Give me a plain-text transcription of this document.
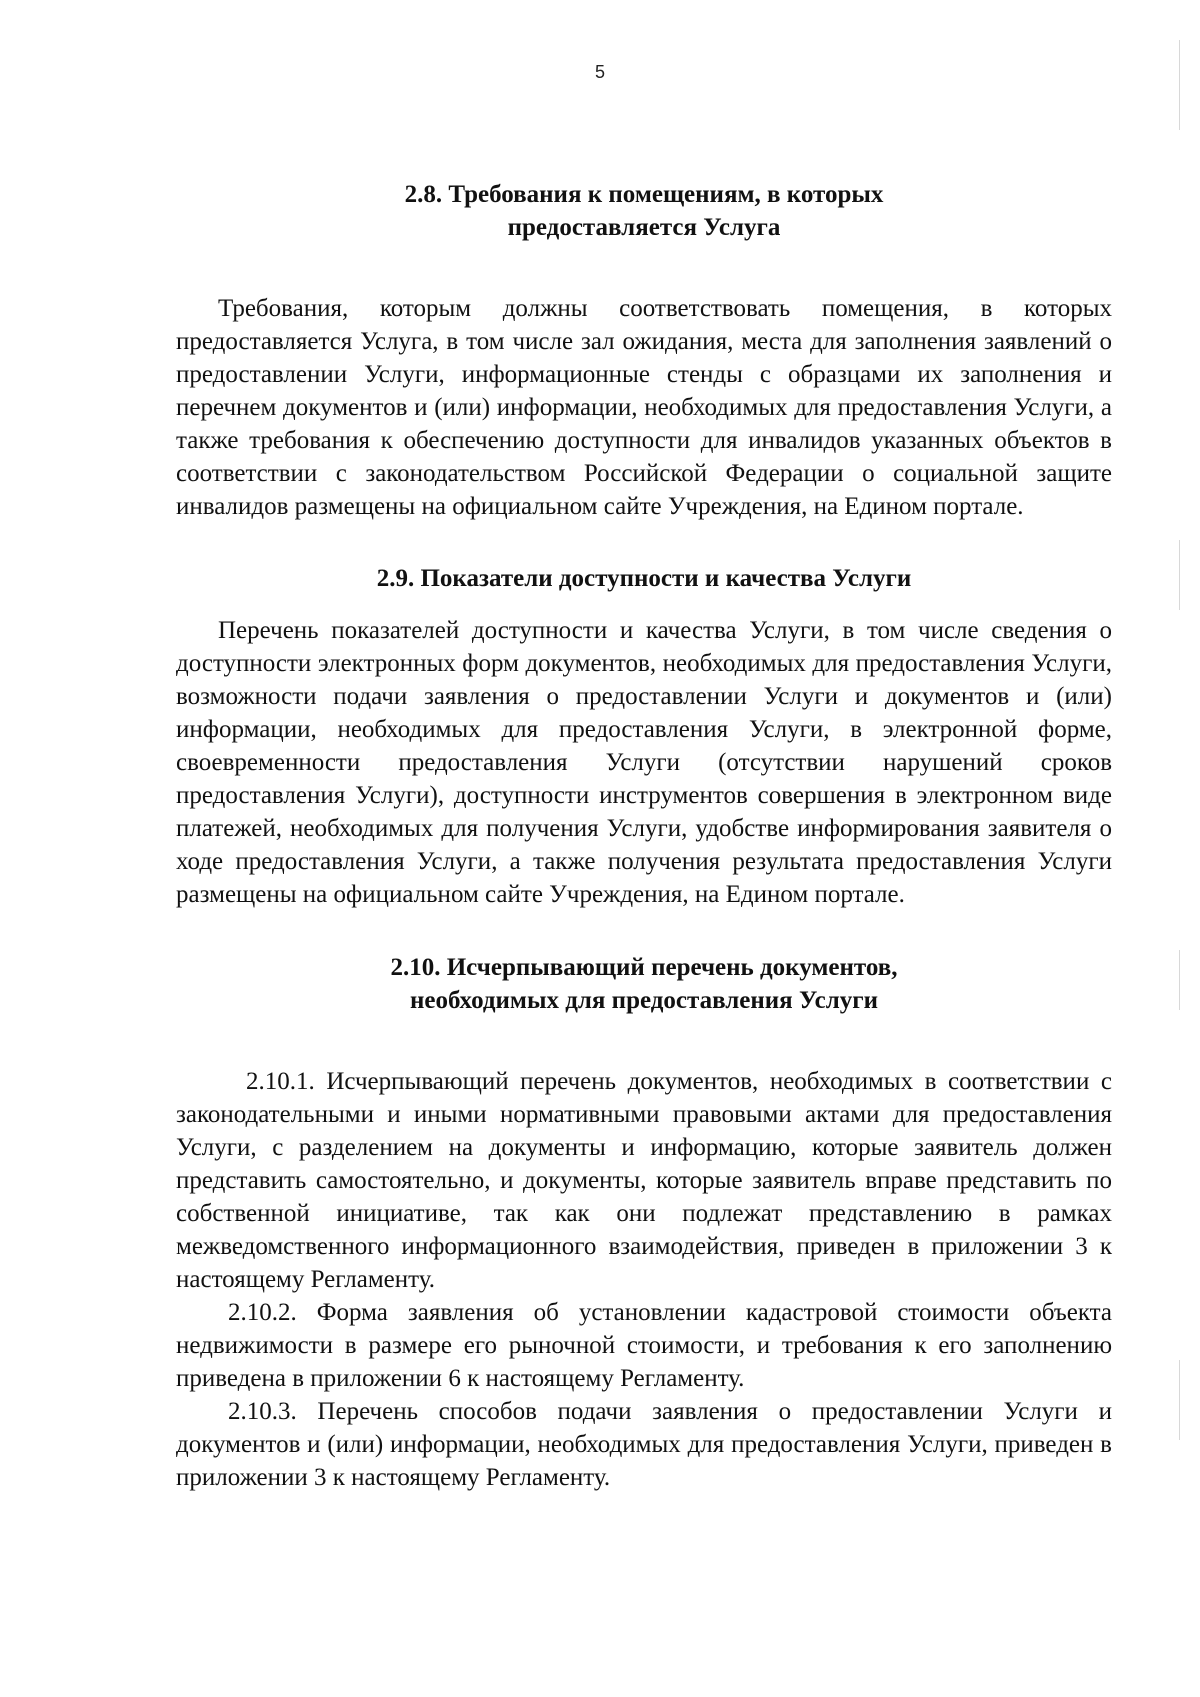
5
2.8. Требования к помещениям, в которых
предоставляется Услуга

Требования, которым должны соответствовать помещения, в которых предоставляется Услуга, в том числе зал ожидания, места для заполнения заявлений о предоставлении Услуги, информационные стенды с образцами их заполнения и перечнем документов и (или) информации, необходимых для предоставления Услуги, а также требования к обеспечению доступности для инвалидов указанных объектов в соответствии с законодательством Российской Федерации о социальной защите инвалидов размещены на официальном сайте Учреждения, на Едином портале.

2.9. Показатели доступности и качества Услуги

Перечень показателей доступности и качества Услуги, в том числе сведения о доступности электронных форм документов, необходимых для предоставления Услуги, возможности подачи заявления о предоставлении Услуги и документов и (или) информации, необходимых для предоставления Услуги, в электронной форме, своевременности предоставления Услуги (отсутствии нарушений сроков предоставления Услуги), доступности инструментов совершения в электронном виде платежей, необходимых для получения Услуги, удобстве информирования заявителя о ходе предоставления Услуги, а также получения результата предоставления Услуги размещены на официальном сайте Учреждения, на Едином портале.

2.10. Исчерпывающий перечень документов,
необходимых для предоставления Услуги

2.10.1. Исчерпывающий перечень документов, необходимых в соответствии с законодательными и иными нормативными правовыми актами для предоставления Услуги, с разделением на документы и информацию, которые заявитель должен представить самостоятельно, и документы, которые заявитель вправе представить по собственной инициативе, так как они подлежат представлению в рамках межведомственного информационного взаимодействия, приведен в приложении 3 к настоящему Регламенту.

2.10.2. Форма заявления об установлении кадастровой стоимости объекта недвижимости в размере его рыночной стоимости, и требования к его заполнению приведена в приложении 6 к настоящему Регламенту.

2.10.3. Перечень способов подачи заявления о предоставлении Услуги и документов и (или) информации, необходимых для предоставления Услуги, приведен в приложении 3 к настоящему Регламенту.
